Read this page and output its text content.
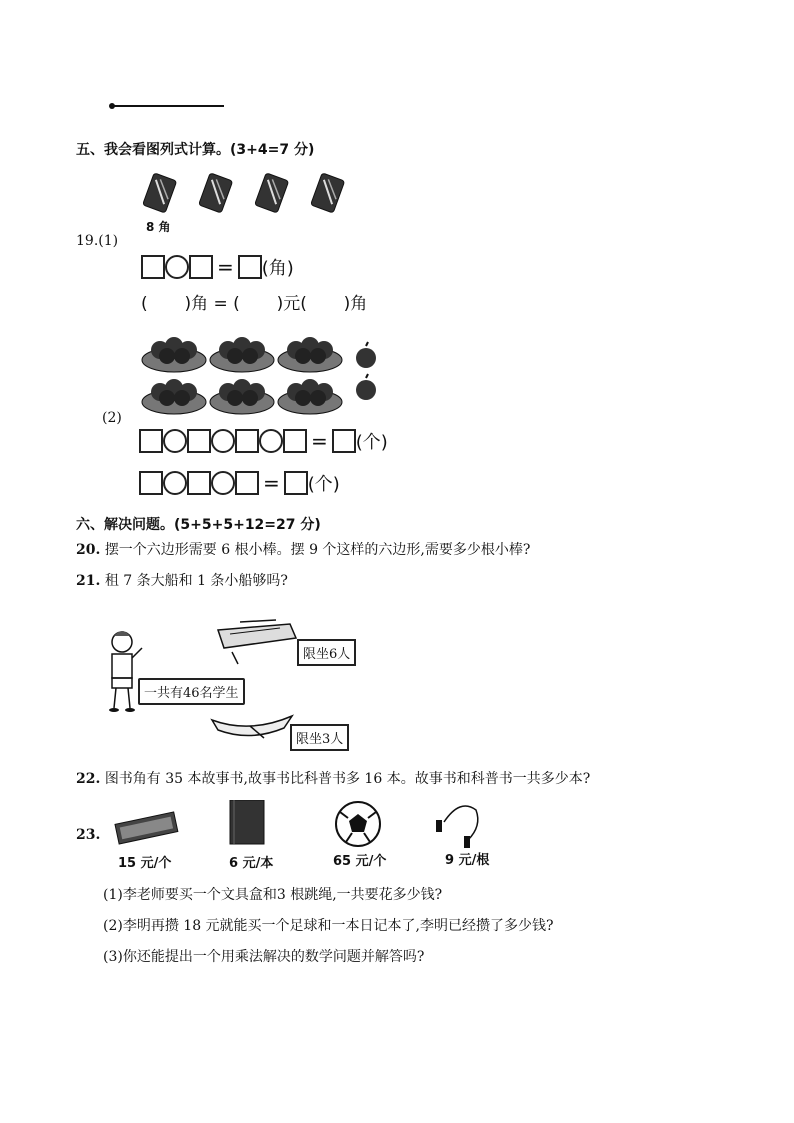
五、我会看图列式计算。(3+4=7 分)
8 角
19.(1)
= (角)
( )角 = ( )元( )角
(2)
= (个)
= (个)
六、解决问题。(5+5+5+12=27 分)
20. 摆一个六边形需要 6 根小棒。摆 9 个这样的六边形,需要多少根小棒?
21. 租 7 条大船和 1 条小船够吗?
限坐6人
一共有46名学生
限坐3人
22. 图书角有 35 本故事书,故事书比科普书多 16 本。故事书和科普书一共多少本?
23.
15 元/个	6 元/本	65 元/个	9 元/根
(1)李老师要买一个文具盒和3 根跳绳,一共要花多少钱?
(2)李明再攒 18 元就能买一个足球和一本日记本了,李明已经攒了多少钱?
(3)你还能提出一个用乘法解决的数学问题并解答吗?
